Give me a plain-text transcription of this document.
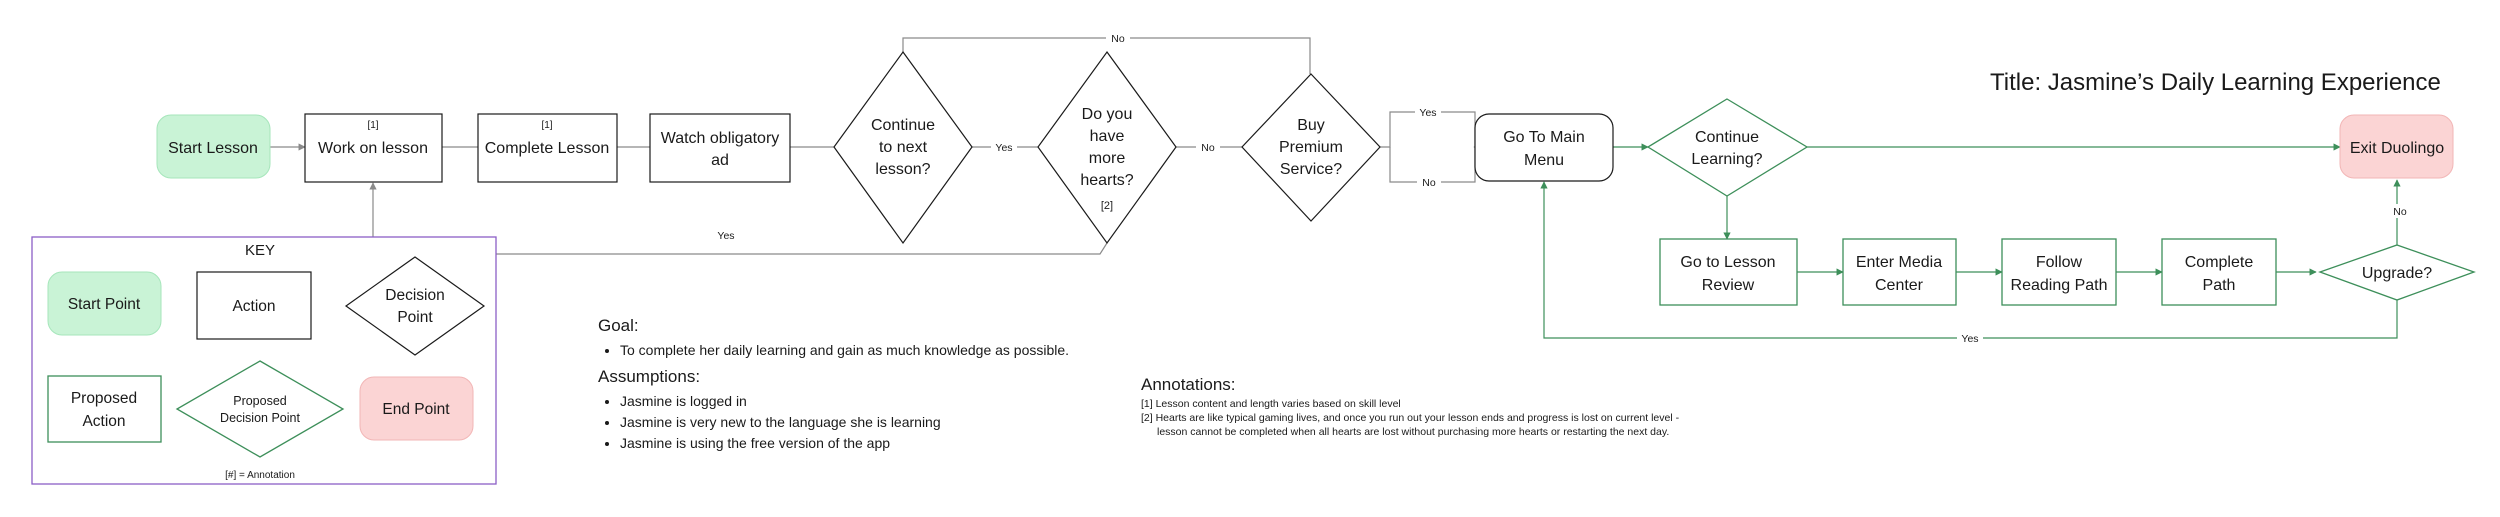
Title: Jasmine’s Daily Learning Experience
Yes	No
No
Yes
Yes
No
No
Yes
Start Lesson
[1]
Work on lesson
[1]
Complete Lesson
Watch obligatory
ad
Continue
to next
lesson?
Do you
have
more
hearts?
[2]
Buy
Premium
Service?
Go To Main
Menu
Continue
Learning?
Exit Duolingo
Go to Lesson
Review
Enter Media
Center
Follow
Reading Path
Complete
Path
Upgrade?
KEY
Start Point	Action
Decision
Point
Proposed
Action
Proposed
Decision Point	End Point
[#] = Annotation
Goal:
• To complete her daily learning and gain as much knowledge as possible.
Assumptions:
• Jasmine is logged in
• Jasmine is very new to the language she is learning
• Jasmine is using the free version of the app
Annotations:
[1] Lesson content and length varies based on skill level
[2] Hearts are like typical gaming lives, and once you run out your lesson ends and progress is lost on current level -
lesson cannot be completed when all hearts are lost without purchasing more hearts or restarting the next day.
